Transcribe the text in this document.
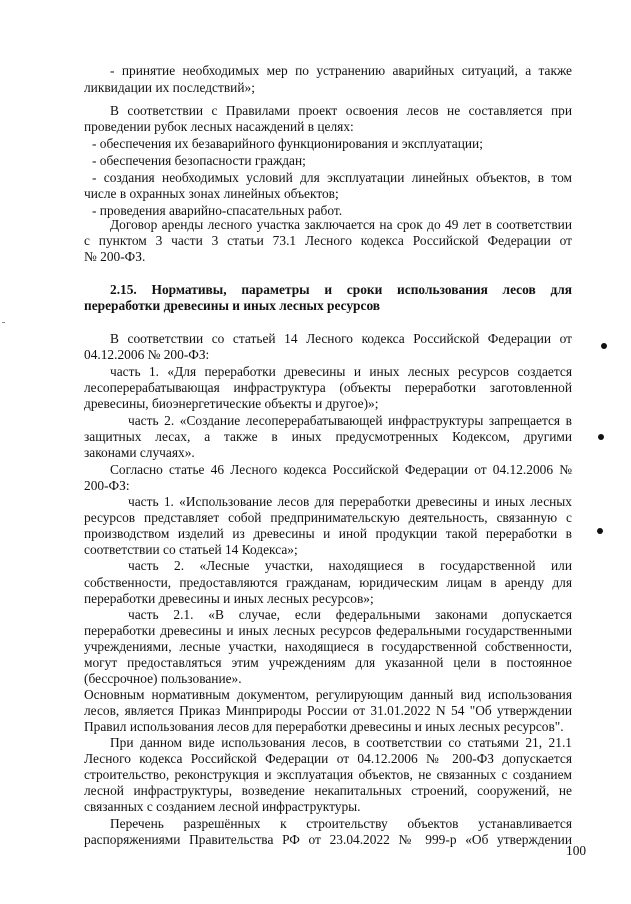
100
- принятие необходимых мер по устранению аварийных ситуаций, а также
ликвидации их последствий»;
В соответствии с Правилами проект освоения лесов не составляется при
проведении рубок лесных насаждений в целях:
- обеспечения их безаварийного функционирования и эксплуатации;
- обеспечения безопасности граждан;
- создания необходимых условий для эксплуатации линейных объектов, в том
числе в охранных зонах линейных объектов;
- проведения аварийно-спасательных работ.
Договор аренды лесного участка заключается на срок до 49 лет в соответствии
с пунктом 3 части 3 статьи 73.1 Лесного кодекса Российской Федерации от
№ 200-ФЗ.
2.15. Нормативы, параметры и сроки использования лесов для
переработки древесины и иных лесных ресурсов
В соответствии со статьей 14 Лесного кодекса Российской Федерации от
04.12.2006 № 200-ФЗ:
часть 1. «Для переработки древесины и иных лесных ресурсов создается
лесоперерабатывающая инфраструктура (объекты переработки заготовленной
древесины, биоэнергетические объекты и другое)»;
часть 2. «Создание лесоперерабатывающей инфраструктуры запрещается в
защитных лесах, а также в иных предусмотренных Кодексом, другими
законами случаях».
Согласно статье 46 Лесного кодекса Российской Федерации от 04.12.2006 №
200-ФЗ:
часть 1. «Использование лесов для переработки древесины и иных лесных
ресурсов представляет собой предпринимательскую деятельность, связанную с
производством изделий из древесины и иной продукции такой переработки в
соответствии со статьей 14 Кодекса»;
часть 2. «Лесные участки, находящиеся в государственной или
собственности, предоставляются гражданам, юридическим лицам в аренду для
переработки древесины и иных лесных ресурсов»;
часть 2.1. «В случае, если федеральными законами допускается
переработки древесины и иных лесных ресурсов федеральными государственными
учреждениями, лесные участки, находящиеся в государственной собственности,
могут предоставляться этим учреждениям для указанной цели в постоянное
(бессрочное) пользование».
Основным нормативным документом, регулирующим данный вид использования
лесов, является Приказ Минприроды России от 31.01.2022 N 54 "Об утверждении
Правил использования лесов для переработки древесины и иных лесных ресурсов".
При данном виде использования лесов, в соответствии со статьями 21, 21.1
Лесного кодекса Российской Федерации от 04.12.2006 № 200-ФЗ допускается
строительство, реконструкция и эксплуатация объектов, не связанных с созданием
лесной инфраструктуры, возведение некапитальных строений, сооружений, не
связанных с созданием лесной инфраструктуры.
Перечень разрешённых к строительству объектов устанавливается
распоряжениями Правительства РФ от 23.04.2022 № 999-р «Об утверждении
